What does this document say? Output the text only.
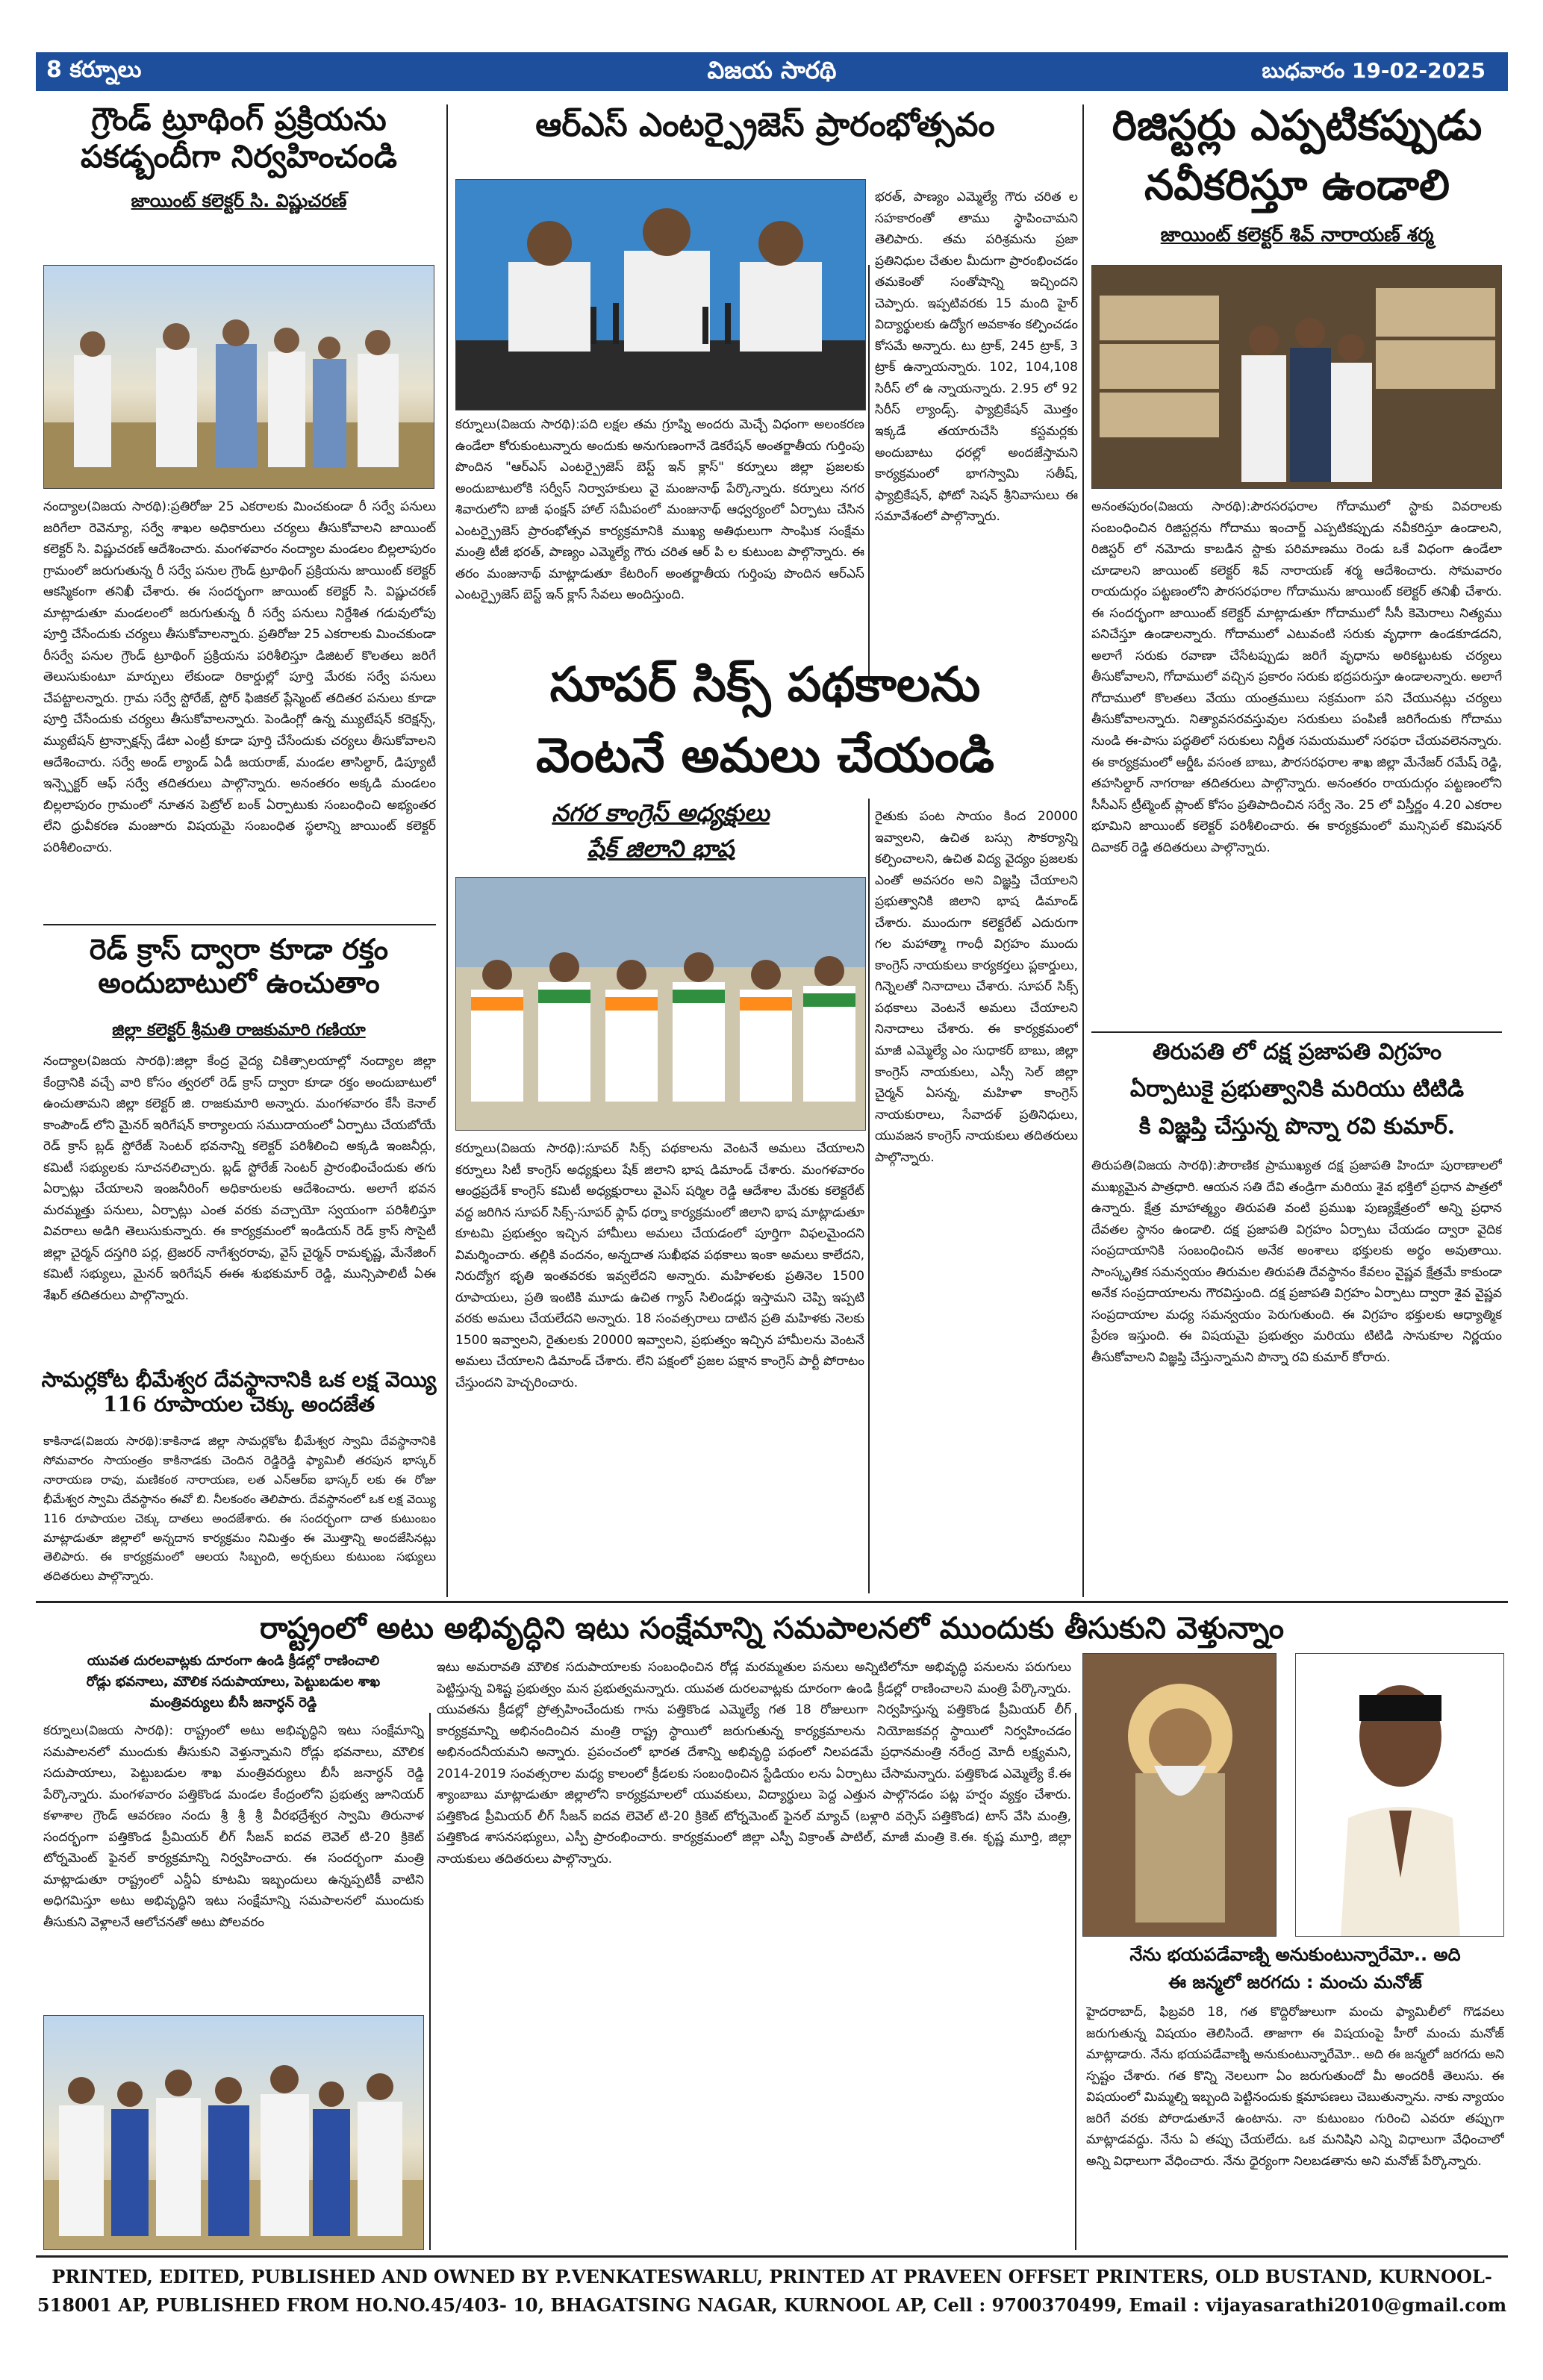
8 కర్నూలు	విజయ సారథి	బుధవారం 19-02-2025
గ్రౌండ్ ట్రూథింగ్ ప్రక్రియను పకడ్బందీగా నిర్వహించండి
జాయింట్ కలెక్టర్ సి. విష్ణుచరణ్
నంద్యాల(విజయ సారథి):ప్రతిరోజు 25 ఎకరాలకు మించకుండా రీ సర్వే పనులు జరిగేలా రెవెన్యూ, సర్వే శాఖల అధికారులు చర్యలు తీసుకోవాలని జాయింట్ కలెక్టర్ సి. విష్ణుచరణ్ ఆదేశించారు. మంగళవారం నంద్యాల మండలం బిల్లలాపురం గ్రామంలో జరుగుతున్న రీ సర్వే పనుల గ్రౌండ్ ట్రూథింగ్ ప్రక్రియను జాయింట్ కలెక్టర్ ఆకస్మికంగా తనిఖీ చేశారు. ఈ సందర్భంగా జాయింట్ కలెక్టర్ సి. విష్ణుచరణ్ మాట్లాడుతూ మండలంలో జరుగుతున్న రీ సర్వే పనులు నిర్దేశిత గడువులోపు పూర్తి చేసేందుకు చర్యలు తీసుకోవాలన్నారు. ప్రతిరోజు 25 ఎకరాలకు మించకుండా రీసర్వే పనుల గ్రౌండ్ ట్రూథింగ్ ప్రక్రియను పరిశీలిస్తూ డిజిటల్ కొలతలు జరిగే తెలుసుకుంటూ మార్పులు లేకుండా రికార్డుల్లో పూర్తి మేరకు సర్వే పనులు చేపట్టాలన్నారు. గ్రామ సర్వే స్టోరేజ్, స్టోర్ ఫిజికల్ ప్లేస్మెంట్ తదితర పనులు కూడా పూర్తి చేసేందుకు చర్యలు తీసుకోవాలన్నారు. పెండింగ్లో ఉన్న మ్యుటేషన్ కరెక్షన్స్, మ్యుటేషన్ ట్రాన్సాక్షన్స్ డేటా ఎంట్రీ కూడా పూర్తి చేసేందుకు చర్యలు తీసుకోవాలని ఆదేశించారు. సర్వే అండ్ ల్యాండ్ ఏడీ జయరాజ్, మండల తాసిల్దార్, డిప్యూటీ ఇన్స్పెక్టర్ ఆఫ్ సర్వే తదితరులు పాల్గొన్నారు. అనంతరం అక్కడి మండలం బిల్లలాపురం గ్రామంలో నూతన పెట్రోల్ బంక్ ఏర్పాటుకు సంబంధించి అభ్యంతర లేని ధ్రువీకరణ మంజూరు విషయమై సంబంధిత స్థలాన్ని జాయింట్ కలెక్టర్ పరిశీలించారు.
రెడ్ క్రాస్ ద్వారా కూడా రక్తం అందుబాటులో ఉంచుతాం
జిల్లా కలెక్టర్ శ్రీమతి రాజకుమారి గణియా
నంద్యాల(విజయ సారథి):జిల్లా కేంద్ర వైద్య చికిత్సాలయాల్లో నంద్యాల జిల్లా కేంద్రానికి వచ్చే వారి కోసం త్వరలో రెడ్ క్రాస్ ద్వారా కూడా రక్తం అందుబాటులో ఉంచుతామని జిల్లా కలెక్టర్ జి. రాజకుమారి అన్నారు. మంగళవారం కేసీ కెనాల్ కాంపౌండ్ లోని మైనర్ ఇరిగేషన్ కార్యాలయ సముదాయంలో ఏర్పాటు చేయబోయే రెడ్ క్రాస్ బ్లడ్ స్టోరేజ్ సెంటర్ భవనాన్ని కలెక్టర్ పరిశీలించి అక్కడి ఇంజనీర్లు, కమిటీ సభ్యులకు సూచనలిచ్చారు. బ్లడ్ స్టోరేజ్ సెంటర్ ప్రారంభించేందుకు తగు ఏర్పాట్లు చేయాలని ఇంజనీరింగ్ అధికారులకు ఆదేశించారు. అలాగే భవన మరమ్మత్తు పనులు, ఏర్పాట్లు ఎంత వరకు వచ్చాయో స్వయంగా పరిశీలిస్తూ వివరాలు అడిగి తెలుసుకున్నారు. ఈ కార్యక్రమంలో ఇండియన్ రెడ్ క్రాస్ సొసైటీ జిల్లా చైర్మన్ దస్తగిరి పర్ల, ట్రెజరర్ నాగేశ్వరరావు, వైస్ చైర్మన్ రామకృష్ణ, మేనేజింగ్ కమిటీ సభ్యులు, మైనర్ ఇరిగేషన్ ఈఈ శుభకుమార్ రెడ్డి, మున్సిపాలిటీ ఏఈ శేఖర్ తదితరులు పాల్గొన్నారు.
సామర్లకోట భీమేశ్వర దేవస్థానానికి ఒక లక్ష వెయ్యి 116 రూపాయల చెక్కు అందజేత
కాకినాడ(విజయ సారథి):కాకినాడ జిల్లా సామర్లకోట భీమేశ్వర స్వామి దేవస్థానానికి సోమవారం సాయంత్రం కాకినాడకు చెందిన రెడ్డిరెడ్డి ఫ్యామిలీ తరపున భాస్కర్ నారాయణ రావు, మణికంఠ నారాయణ, లత ఎన్ఆర్ఐ భాస్కర్ లకు ఈ రోజు భీమేశ్వర స్వామి దేవస్థానం ఈవో బి. నీలకంఠం తెలిపారు. దేవస్థానంలో ఒక లక్ష వెయ్యి 116 రూపాయల చెక్కు దాతలు అందజేశారు. ఈ సందర్భంగా దాత కుటుంబం మాట్లాడుతూ జిల్లాలో అన్నదాన కార్యక్రమం నిమిత్తం ఈ మొత్తాన్ని అందజేసినట్లు తెలిపారు. ఈ కార్యక్రమంలో ఆలయ సిబ్బంది, అర్చకులు కుటుంబ సభ్యులు తదితరులు పాల్గొన్నారు.
ఆర్ఎస్ ఎంటర్ప్రైజెస్ ప్రారంభోత్సవం
కర్నూలు(విజయ సారథి):పది లక్షల తమ గ్రూప్ని అందరు మెచ్చే విధంగా అలంకరణ ఉండేలా కోరుకుంటున్నారు అందుకు అనుగుణంగానే డెకరేషన్ అంతర్జాతీయ గుర్తింపు పొందిన "ఆర్ఎస్ ఎంటర్ప్రైజెస్ బెస్ట్ ఇన్ క్లాస్" కర్నూలు జిల్లా ప్రజలకు అందుబాటులోకి సర్వీస్ నిర్వాహకులు వై మంజునాథ్ పేర్కొన్నారు. కర్నూలు నగర శివారులోని బాజీ ఫంక్షన్ హాల్ సమీపంలో మంజునాథ్ ఆధ్వర్యంలో ఏర్పాటు చేసిన ఎంటర్ప్రైజెస్ ప్రారంభోత్సవ కార్యక్రమానికి ముఖ్య అతిథులుగా సాంఘిక సంక్షేమ మంత్రి టీజీ భరత్, పాణ్యం ఎమ్మెల్యే గౌరు చరిత ఆర్ పి ల కుటుంబ పాల్గొన్నారు. ఈ తరం మంజునాథ్ మాట్లాడుతూ కేటరింగ్ అంతర్జాతీయ గుర్తింపు పొందిన ఆర్ఎస్ ఎంటర్ప్రైజెస్ బెస్ట్ ఇన్ క్లాస్ సేవలు అందిస్తుంది.
భరత్, పాణ్యం ఎమ్మెల్యే గౌరు చరిత ల సహకారంతో తాము స్థాపించామని తెలిపారు. తమ పరిశ్రమను ప్రజా ప్రతినిధుల చేతుల మీదుగా ప్రారంభించడం తమకెంతో సంతోషాన్ని ఇచ్చిందని చెప్పారు. ఇప్పటివరకు 15 మంది హైర్ విద్యార్థులకు ఉద్యోగ అవకాశం కల్పించడం కోసమే అన్నారు. టు ట్రాక్, 245 ట్రాక్, 3 ట్రాక్ ఉన్నాయన్నారు. 102, 104,108 సిరీస్ లో ఉ న్నాయన్నారు. 2.95 లో 92 సిరీస్ ల్యాండ్స్. ఫ్యాబ్రికేషన్ మొత్తం ఇక్కడే తయారుచేసి కస్టమర్లకు అందుబాటు ధరల్లో అందజేస్తామని కార్యక్రమంలో భాగస్వామి సతీష్, ఫ్యాబ్రికేషన్, ఫోటో సెషన్ శ్రీనివాసులు ఈ సమావేశంలో పాల్గొన్నారు.
సూపర్ సిక్స్ పథకాలను
వెంటనే అమలు చేయండి
నగర కాంగ్రెస్ అధ్యక్షులు
షేక్ జిలాని భాష
రైతుకు పంట సాయం కింద 20000 ఇవ్వాలని, ఉచిత బస్సు సౌకర్యాన్ని కల్పించాలని, ఉచిత విద్య వైద్యం ప్రజలకు ఎంతో అవసరం అని విజ్ఞప్తి చేయాలని ప్రభుత్వానికి జిలాని భాష డిమాండ్ చేశారు. ముందుగా కలెక్టరేట్ ఎదురుగా గల మహాత్మా గాంధీ విగ్రహం ముందు కాంగ్రెస్ నాయకులు కార్యకర్తలు ప్లకార్డులు, గిన్నెలతో నినాదాలు చేశారు. సూపర్ సిక్స్ పథకాలు వెంటనే అమలు చేయాలని నినాదాలు చేశారు. ఈ కార్యక్రమంలో మాజీ ఎమ్మెల్యే ఎం సుధాకర్ బాబు, జిల్లా కాంగ్రెస్ నాయకులు, ఎస్సీ సెల్ జిల్లా చైర్మన్ ఏసన్న, మహిళా కాంగ్రెస్ నాయకురాలు, సేవాదళ్ ప్రతినిధులు, యువజన కాంగ్రెస్ నాయకులు తదితరులు పాల్గొన్నారు.
కర్నూలు(విజయ సారథి):సూపర్ సిక్స్ పథకాలను వెంటనే అమలు చేయాలని కర్నూలు సిటీ కాంగ్రెస్ అధ్యక్షులు షేక్ జిలాని భాష డిమాండ్ చేశారు. మంగళవారం ఆంధ్రప్రదేశ్ కాంగ్రెస్ కమిటీ అధ్యక్షురాలు వైఎస్ షర్మిల రెడ్డి ఆదేశాల మేరకు కలెక్టరేట్ వద్ద జరిగిన సూపర్ సిక్స్-సూపర్ ఫ్లాప్ ధర్నా కార్యక్రమంలో జిలాని భాష మాట్లాడుతూ కూటమి ప్రభుత్వం ఇచ్చిన హామీలు అమలు చేయడంలో పూర్తిగా విఫలమైందని విమర్శించారు. తల్లికి వందనం, అన్నదాత సుఖీభవ పథకాలు ఇంకా అమలు కాలేదని, నిరుద్యోగ భృతి ఇంతవరకు ఇవ్వలేదని అన్నారు. మహిళలకు ప్రతినెల 1500 రూపాయలు, ప్రతి ఇంటికి మూడు ఉచిత గ్యాస్ సిలిండర్లు ఇస్తామని చెప్పి ఇప్పటి వరకు అమలు చేయలేదని అన్నారు. 18 సంవత్సరాలు దాటిన ప్రతి మహిళకు నెలకు 1500 ఇవ్వాలని, రైతులకు 20000 ఇవ్వాలని, ప్రభుత్వం ఇచ్చిన హామీలను వెంటనే అమలు చేయాలని డిమాండ్ చేశారు. లేని పక్షంలో ప్రజల పక్షాన కాంగ్రెస్ పార్టీ పోరాటం చేస్తుందని హెచ్చరించారు.
రిజిస్టర్లు ఎప్పటికప్పుడు
నవీకరిస్తూ ఉండాలి
జాయింట్ కలెక్టర్ శివ్ నారాయణ్ శర్మ
అనంతపురం(విజయ సారథి):పౌరసరఫరాల గోదాములో స్టాకు వివరాలకు సంబంధించిన రిజిస్టర్లను గోదాము ఇంచార్జ్ ఎప్పటికప్పుడు నవీకరిస్తూ ఉండాలని, రిజిస్టర్ లో నమోదు కాబడిన స్టాకు పరిమాణము రెండు ఒకే విధంగా ఉండేలా చూడాలని జాయింట్ కలెక్టర్ శివ్ నారాయణ్ శర్మ ఆదేశించారు. సోమవారం రాయదుర్గం పట్టణంలోని పౌరసరఫరాల గోదామును జాయింట్ కలెక్టర్ తనిఖీ చేశారు. ఈ సందర్భంగా జాయింట్ కలెక్టర్ మాట్లాడుతూ గోదాములో సీసీ కెమెరాలు నిత్యము పనిచేస్తూ ఉండాలన్నారు. గోదాములో ఎటువంటి సరుకు వృధాగా ఉండకూడదని, అలాగే సరుకు రవాణా చేసేటప్పుడు జరిగే వృధాను అరికట్టుటకు చర్యలు తీసుకోవాలని, గోదాములో వచ్చిన ప్రకారం సరుకు భద్రపరుస్తూ ఉండాలన్నారు. అలాగే గోదాములో కొలతలు వేయు యంత్రములు సక్రమంగా పని చేయునట్లు చర్యలు తీసుకోవాలన్నారు. నిత్యావసరవస్తువుల సరుకులు పంపిణీ జరిగేందుకు గోదాము నుండి ఈ-పాసు పద్ధతిలో సరుకులు నిర్ణీత సమయములో సరఫరా చేయవలెనన్నారు. ఈ కార్యక్రమంలో ఆర్డీఓ వసంత బాబు, పౌరసరఫరాల శాఖ జిల్లా మేనేజర్ రమేష్ రెడ్డి, తహసిల్దార్ నాగరాజు తదితరులు పాల్గొన్నారు. అనంతరం రాయదుర్గం పట్టణంలోని సీసీఎస్ ట్రీట్మెంట్ ప్లాంట్ కోసం ప్రతిపాదించిన సర్వే నెం. 25 లో విస్తీర్ణం 4.20 ఎకరాల భూమిని జాయింట్ కలెక్టర్ పరిశీలించారు. ఈ కార్యక్రమంలో మున్సిపల్ కమిషనర్ దివాకర్ రెడ్డి తదితరులు పాల్గొన్నారు.
తిరుపతి లో దక్ష ప్రజాపతి విగ్రహం
ఏర్పాటుకై ప్రభుత్వానికి మరియు టిటిడి
కి విజ్ఞప్తి చేస్తున్న పొన్నా రవి కుమార్.
తిరుపతి(విజయ సారథి):పౌరాణిక ప్రాముఖ్యత దక్ష ప్రజాపతి హిందూ పురాణాలలో ముఖ్యమైన పాత్రధారి. ఆయన సతి దేవి తండ్రిగా మరియు శైవ భక్తిలో ప్రధాన పాత్రలో ఉన్నారు. క్షేత్ర మాహాత్మ్యం తిరుపతి వంటి ప్రముఖ పుణ్యక్షేత్రంలో అన్ని ప్రధాన దేవతల స్థానం ఉండాలి. దక్ష ప్రజాపతి విగ్రహం ఏర్పాటు చేయడం ద్వారా వైదిక సంప్రదాయానికి సంబంధించిన అనేక అంశాలు భక్తులకు అర్థం అవుతాయి. సాంస్కృతిక సమన్వయం తిరుమల తిరుపతి దేవస్థానం కేవలం వైష్ణవ క్షేత్రమే కాకుండా అనేక సంప్రదాయాలను గౌరవిస్తుంది. దక్ష ప్రజాపతి విగ్రహం ఏర్పాటు ద్వారా శైవ వైష్ణవ సంప్రదాయాల మధ్య సమన్వయం పెరుగుతుంది. ఈ విగ్రహం భక్తులకు ఆధ్యాత్మిక ప్రేరణ ఇస్తుంది. ఈ విషయమై ప్రభుత్వం మరియు టిటిడి సానుకూల నిర్ణయం తీసుకోవాలని విజ్ఞప్తి చేస్తున్నామని పొన్నా రవి కుమార్ కోరారు.
రాష్ట్రంలో అటు అభివృద్ధిని ఇటు సంక్షేమాన్ని సమపాలనలో ముందుకు తీసుకుని వెళ్తున్నాం
యువత దురలవాట్లకు దూరంగా ఉండి క్రీడల్లో రాణించాలి
రోడ్లు భవనాలు, మౌలిక సదుపాయాలు, పెట్టుబడుల శాఖ
మంత్రివర్యులు బీసీ జనార్ధన్ రెడ్డి
కర్నూలు(విజయ సారథి): రాష్ట్రంలో అటు అభివృద్ధిని ఇటు సంక్షేమాన్ని సమపాలనలో ముందుకు తీసుకుని వెళ్తున్నామని రోడ్లు భవనాలు, మౌలిక సదుపాయాలు, పెట్టుబడుల శాఖ మంత్రివర్యులు బీసీ జనార్ధన్ రెడ్డి పేర్కొన్నారు. మంగళవారం పత్తికొండ మండల కేంద్రంలోని ప్రభుత్వ జూనియర్ కళాశాల గ్రౌండ్ ఆవరణం నందు శ్రీ శ్రీ శ్రీ వీరభద్రేశ్వర స్వామి తిరునాళ సందర్భంగా పత్తికొండ ప్రీమియర్ లీగ్ సీజన్ ఐదవ లెవెల్ టి-20 క్రికెట్ టోర్నమెంట్ ఫైనల్ కార్యక్రమాన్ని నిర్వహించారు. ఈ సందర్భంగా మంత్రి మాట్లాడుతూ రాష్ట్రంలో ఎన్డీఏ కూటమి ఇబ్బందులు ఉన్నప్పటికీ వాటిని అధిగమిస్తూ అటు అభివృద్ధిని ఇటు సంక్షేమాన్ని సమపాలనలో ముందుకు తీసుకుని వెళ్లాలనే ఆలోచనతో అటు పోలవరం
ఇటు అమరావతి మౌలిక సదుపాయాలకు సంబంధించిన రోడ్ల మరమ్మతుల పనులు అన్నిటిలోనూ అభివృద్ధి పనులను పరుగులు పెట్టిస్తున్న విశిష్ట ప్రభుత్వం మన ప్రభుత్వమన్నారు. యువత దురలవాట్లకు దూరంగా ఉండి క్రీడల్లో రాణించాలని మంత్రి పేర్కొన్నారు. యువతను క్రీడల్లో ప్రోత్సహించేందుకు గాను పత్తికొండ ఎమ్మెల్యే గత 18 రోజులుగా నిర్వహిస్తున్న పత్తికొండ ప్రీమియర్ లీగ్ కార్యక్రమాన్ని అభినందించిన మంత్రి రాష్ట్ర స్థాయిలో జరుగుతున్న కార్యక్రమాలను నియోజకవర్గ స్థాయిలో నిర్వహించడం అభినందనీయమని అన్నారు. ప్రపంచంలో భారత దేశాన్ని అభివృద్ధి పథంలో నిలపడమే ప్రధానమంత్రి నరేంద్ర మోదీ లక్ష్యమని, 2014-2019 సంవత్సరాల మధ్య కాలంలో క్రీడలకు సంబంధించిన స్టేడియం లను ఏర్పాటు చేసామన్నారు. పత్తికొండ ఎమ్మెల్యే కే.ఈ శ్యాంబాబు మాట్లాడుతూ జిల్లాలోని కార్యక్రమాలలో యువకులు, విద్యార్థులు పెద్ద ఎత్తున పాల్గొనడం పట్ల హర్షం వ్యక్తం చేశారు. పత్తికొండ ప్రీమియర్ లీగ్ సీజన్ ఐదవ లెవెల్ టి-20 క్రికెట్ టోర్నమెంట్ ఫైనల్ మ్యాచ్ (బళ్లారి వర్సెస్ పత్తికొండ) టాస్ వేసి మంత్రి, పత్తికొండ శాసనసభ్యులు, ఎస్పీ ప్రారంభించారు. కార్యక్రమంలో జిల్లా ఎస్పీ విక్రాంత్ పాటిల్, మాజీ మంత్రి కె.ఈ. కృష్ణ మూర్తి, జిల్లా నాయకులు తదితరులు పాల్గొన్నారు.
నేను భయపడేవాణ్ని అనుకుంటున్నారేమో.. అది
ఈ జన్మలో జరగదు : మంచు మనోజ్
హైదరాబాద్, ఫిబ్రవరి 18, గత కొద్దిరోజులుగా మంచు ఫ్యామిలీలో గొడవలు జరుగుతున్న విషయం తెలిసిందే. తాజాగా ఈ విషయంపై హీరో మంచు మనోజ్ మాట్లాడారు. నేను భయపడేవాణ్ని అనుకుంటున్నారేమో.. అది ఈ జన్మలో జరగదు అని స్పష్టం చేశారు. గత కొన్ని నెలలుగా ఏం జరుగుతుందో మీ అందరికీ తెలుసు. ఈ విషయంలో మిమ్మల్ని ఇబ్బంది పెట్టినందుకు క్షమాపణలు చెబుతున్నాను. నాకు న్యాయం జరిగే వరకు పోరాడుతూనే ఉంటాను. నా కుటుంబం గురించి ఎవరూ తప్పుగా మాట్లాడవద్దు. నేను ఏ తప్పు చేయలేదు. ఒక మనిషిని ఎన్ని విధాలుగా వేధించాలో అన్ని విధాలుగా వేధించారు. నేను ధైర్యంగా నిలబడతాను అని మనోజ్ పేర్కొన్నారు.
PRINTED, EDITED, PUBLISHED AND OWNED BY P.VENKATESWARLU, PRINTED AT PRAVEEN OFFSET PRINTERS, OLD BUSTAND, KURNOOL-
518001 AP, PUBLISHED FROM HO.NO.45/403- 10, BHAGATSING NAGAR, KURNOOL AP, Cell : 9700370499, Email : vijayasarathi2010@gmail.com
